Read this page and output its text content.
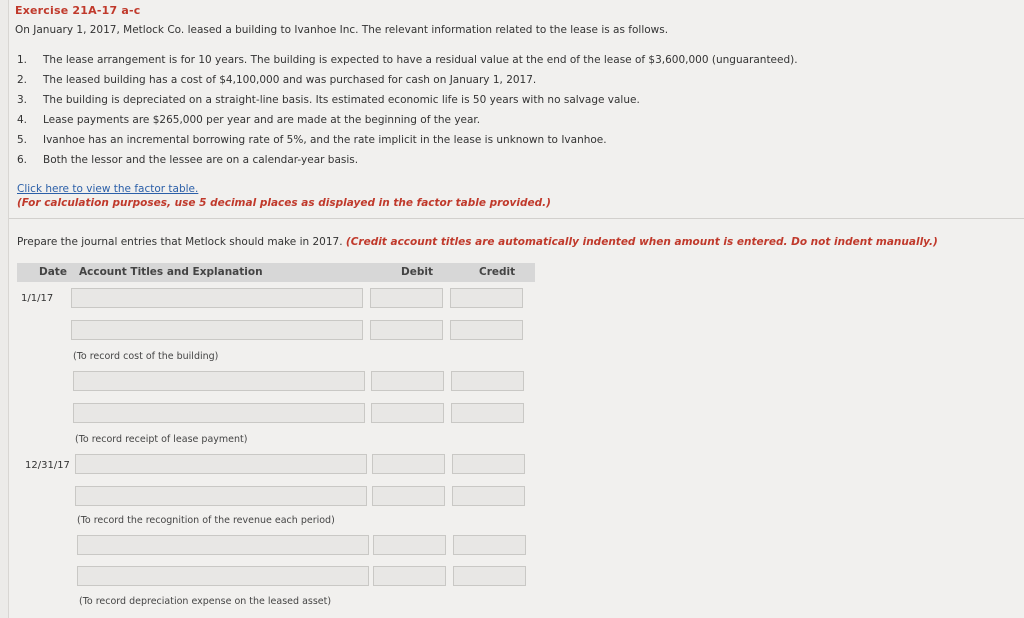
Exercise 21A-17 a-c
On January 1, 2017, Metlock Co. leased a building to Ivanhoe Inc. The relevant information related to the lease is as follows.
1.	The lease arrangement is for 10 years. The building is expected to have a residual value at the end of the lease of $3,600,000 (unguaranteed).
2.	The leased building has a cost of $4,100,000 and was purchased for cash on January 1, 2017.
3.	The building is depreciated on a straight-line basis. Its estimated economic life is 50 years with no salvage value.
4.	Lease payments are $265,000 per year and are made at the beginning of the year.
5.	Ivanhoe has an incremental borrowing rate of 5%, and the rate implicit in the lease is unknown to Ivanhoe.
6.	Both the lessor and the lessee are on a calendar-year basis.
Click here to view the factor table.
(For calculation purposes, use 5 decimal places as displayed in the factor table provided.)
Prepare the journal entries that Metlock should make in 2017. (Credit account titles are automatically indented when amount is entered. Do not indent manually.)
Date Account Titles and Explanation	Debit	Credit
1/1/17
(To record cost of the building)
(To record receipt of lease payment)
12/31/17
(To record the recognition of the revenue each period)
(To record depreciation expense on the leased asset)
